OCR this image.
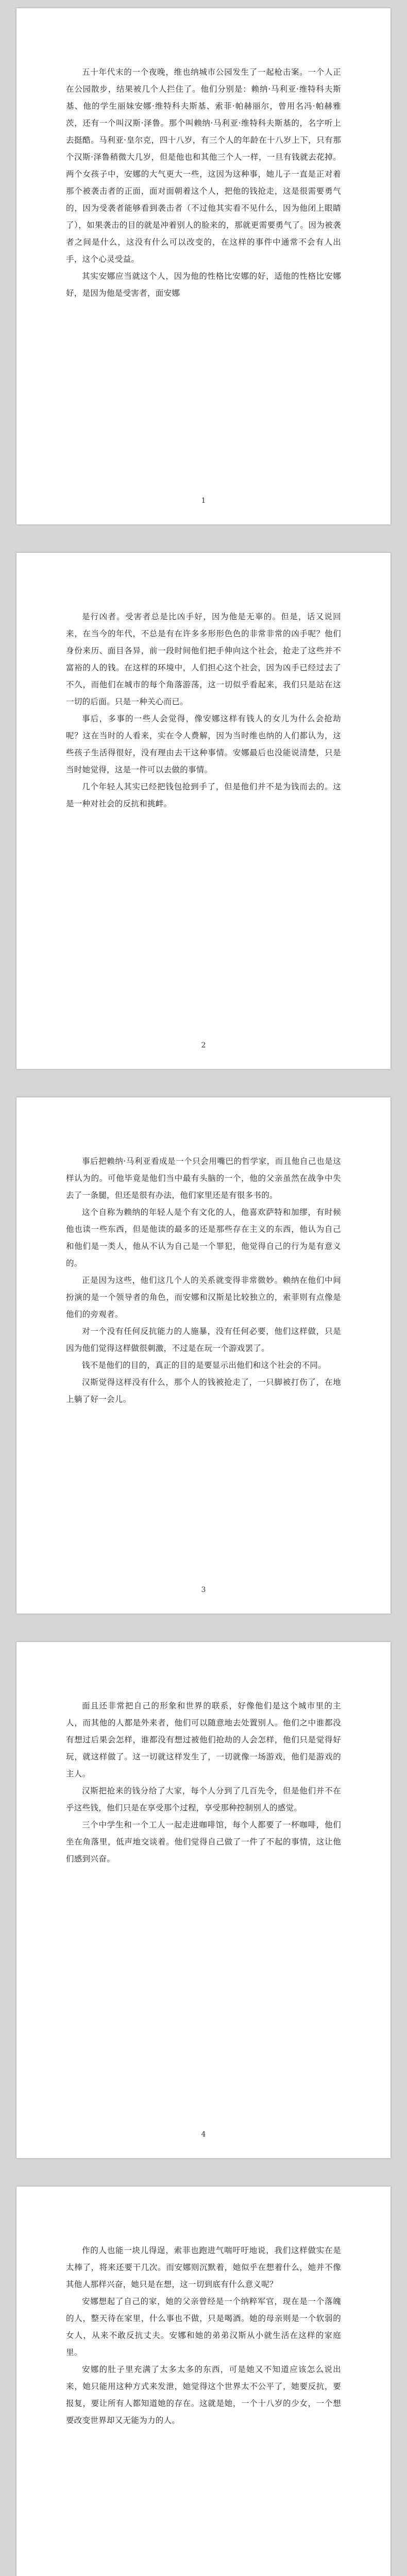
五十年代末的一个夜晚，维也纳城市公园发生了一起枪击案。一个人正在公园散步，结果被几个人拦住了。他们分别是：赖纳·马利亚·维特科夫斯基、他的学生丽妹安娜·维特科夫斯基、索菲·帕赫丽尔，曾用名冯·帕赫雅茨，还有一个叫汉斯·泽鲁。那个叫赖纳·马利亚·维特科夫斯基的，名字听上去挺酷。马利亚·皇尔克，四十八岁，有三个人的年龄在十八岁上下，只有那个汉斯·泽鲁稍微大几岁，但是他也和其他三个人一样，一旦有钱就去花掉。两个女孩子中，安娜的大气更大一些，这因为这种事，她儿子一直是正对着那个被袭击者的正面，面对面朝着这个人，把他的钱抢走，这是很需要勇气的，因为受袭者能够看到袭击者（不过他其实看不见什么，因为他闭上眼睛了），如果袭击的目的就是冲着别人的脸来的，那就更需要勇气了。因为被袭者之间是什么，这没有什么可以改变的，在这样的事件中通常不会有人出手，这个心灵受益。

其实安娜应当就这个人，因为他的性格比安娜的好，适他的性格比安娜好，是因为他是受害者，面安娜

1

是行凶者。受害者总是比凶手好，因为他是无辜的。但是，话又说回来，在当今的年代，不总是有在许多多形形色色的非常非常的凶手呢？他们身份来历、面目各异，前一段时间他们把手伸向这个社会，抢走了这些并不富裕的人的钱。在这样的环境中，人们担心这个社会，因为凶手已经过去了不久，而他们在城市的每个角落游荡，这一切似乎看起来，我们只是站在这一切的后面。只是一种关心而已。

事后，多事的一些人会觉得，像安娜这样有钱人的女儿为什么会抢劫呢？这在当时的人看来，实在令人费解，因为当时维也纳的人们都认为，这些孩子生活得很好，没有理由去干这种事情。安娜最后也没能说清楚，只是当时她觉得，这是一件可以去做的事情。

几个年轻人其实已经把钱包抢到手了，但是他们并不是为钱而去的。这是一种对社会的反抗和挑衅。

2

事后把赖纳·马利亚看成是一个只会用嘴巴的哲学家，而且他自己也是这样认为的。可他毕竟是他们当中最有头脑的一个，他的父亲虽然在战争中失去了一条腿，但还是很有办法，他们家里还是有很多书的。

这个自称为赖纳的年轻人是个有文化的人，他喜欢萨特和加缪，有时候他也读一些东西，但是他读的最多的还是那些存在主义的东西，他认为自己和他们是一类人，他从不认为自己是一个罪犯，他觉得自己的行为是有意义的。

正是因为这些，他们这几个人的关系就变得非常微妙。赖纳在他们中间扮演的是一个领导者的角色，而安娜和汉斯是比较独立的，索菲则有点像是他们的旁观者。

对一个没有任何反抗能力的人施暴，没有任何必要，他们这样做，只是因为他们觉得这样做很刺激，不过是在玩一个游戏罢了。

钱不是他们的目的，真正的目的是要显示出他们和这个社会的不同。

汉斯觉得这样没有什么，那个人的钱被抢走了，一只脚被打伤了，在地上躺了好一会儿。

3

面且还非常把自己的形象和世界的联系，好像他们是这个城市里的主人，而其他的人都是外来者，他们可以随意地去处置别人。他们之中谁都没有想过后果会怎样，谁都没有想过被他们抢劫的人会怎样，他们只是觉得好玩，就这样做了。这一切就这样发生了，一切就像一场游戏，他们是游戏的主人。

汉斯把抢来的钱分给了大家，每个人分到了几百先令，但是他们并不在乎这些钱，他们只是在享受那个过程，享受那种控制别人的感觉。

三个中学生和一个工人一起走进咖啡馆，每个人都要了一杯咖啡，他们坐在角落里，低声地交谈着。他们觉得自己做了一件了不起的事情，这让他们感到兴奋。

4

作的人也能一块儿得逞，索菲也跑进气喘吁吁地说，我们这样做实在是太棒了，将来还要干几次。而安娜则沉默着，她似乎在想着什么，她并不像其他人那样兴奋，她只是在想，这一切到底有什么意义呢？

安娜想起了自己的家，她的父亲曾经是一个纳粹军官，现在是一个落魄的人，整天待在家里，什么事也不做，只是喝酒。她的母亲则是一个软弱的女人，从来不敢反抗丈夫。安娜和她的弟弟汉斯从小就生活在这样的家庭里。

安娜的肚子里充满了太多太多的东西，可是她又不知道应该怎么说出来，她只能用这种方式来发泄，她觉得这个世界太不公平了，她要反抗，要报复，要让所有人都知道她的存在。这就是她，一个十八岁的少女，一个想要改变世界却又无能为力的人。
